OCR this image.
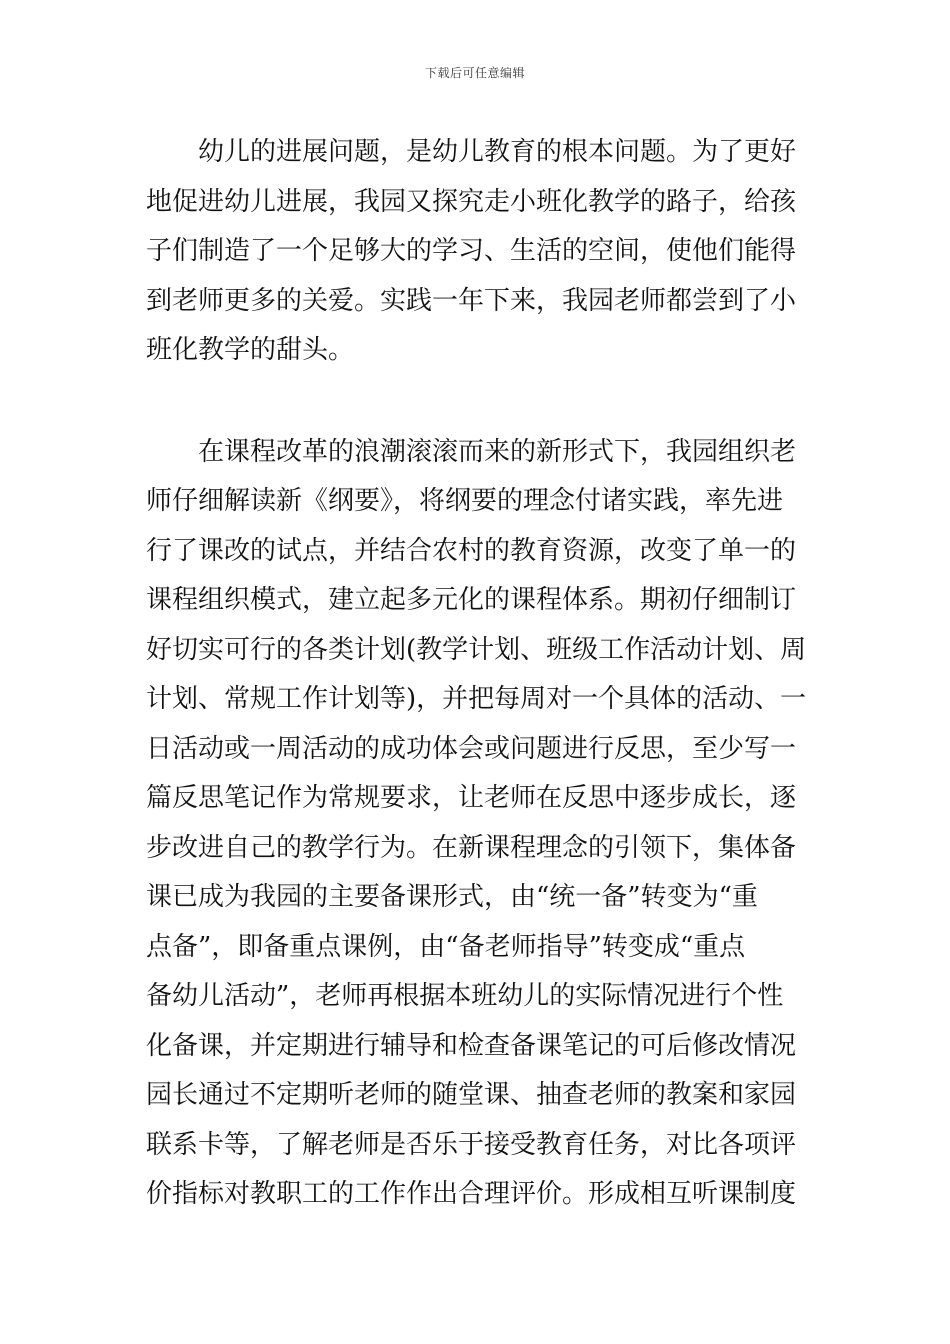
下载后可任意编辑
　　幼儿的进展问题，是幼儿教育的根本问题。为了更好
地促进幼儿进展，我园又探究走小班化教学的路子，给孩
子们制造了一个足够大的学习、生活的空间，使他们能得
到老师更多的关爱。实践一年下来，我园老师都尝到了小
班化教学的甜头。
　　在课程改革的浪潮滚滚而来的新形式下，我园组织老
师仔细解读新《纲要》，将纲要的理念付诸实践，率先进
行了课改的试点，并结合农村的教育资源，改变了单一的
课程组织模式，建立起多元化的课程体系。期初仔细制订
好切实可行的各类计划(教学计划、班级工作活动计划、周
计划、常规工作计划等)，并把每周对一个具体的活动、一
日活动或一周活动的成功体会或问题进行反思，至少写一
篇反思笔记作为常规要求，让老师在反思中逐步成长，逐
步改进自己的教学行为。在新课程理念的引领下，集体备
课已成为我园的主要备课形式，由“统一备”转变为“重
点备”，即备重点课例，由“备老师指导”转变成“重点
备幼儿活动”，老师再根据本班幼儿的实际情况进行个性
化备课，并定期进行辅导和检查备课笔记的可后修改情况
园长通过不定期听老师的随堂课、抽查老师的教案和家园
联系卡等，了解老师是否乐于接受教育任务，对比各项评
价指标对教职工的工作作出合理评价。形成相互听课制度
